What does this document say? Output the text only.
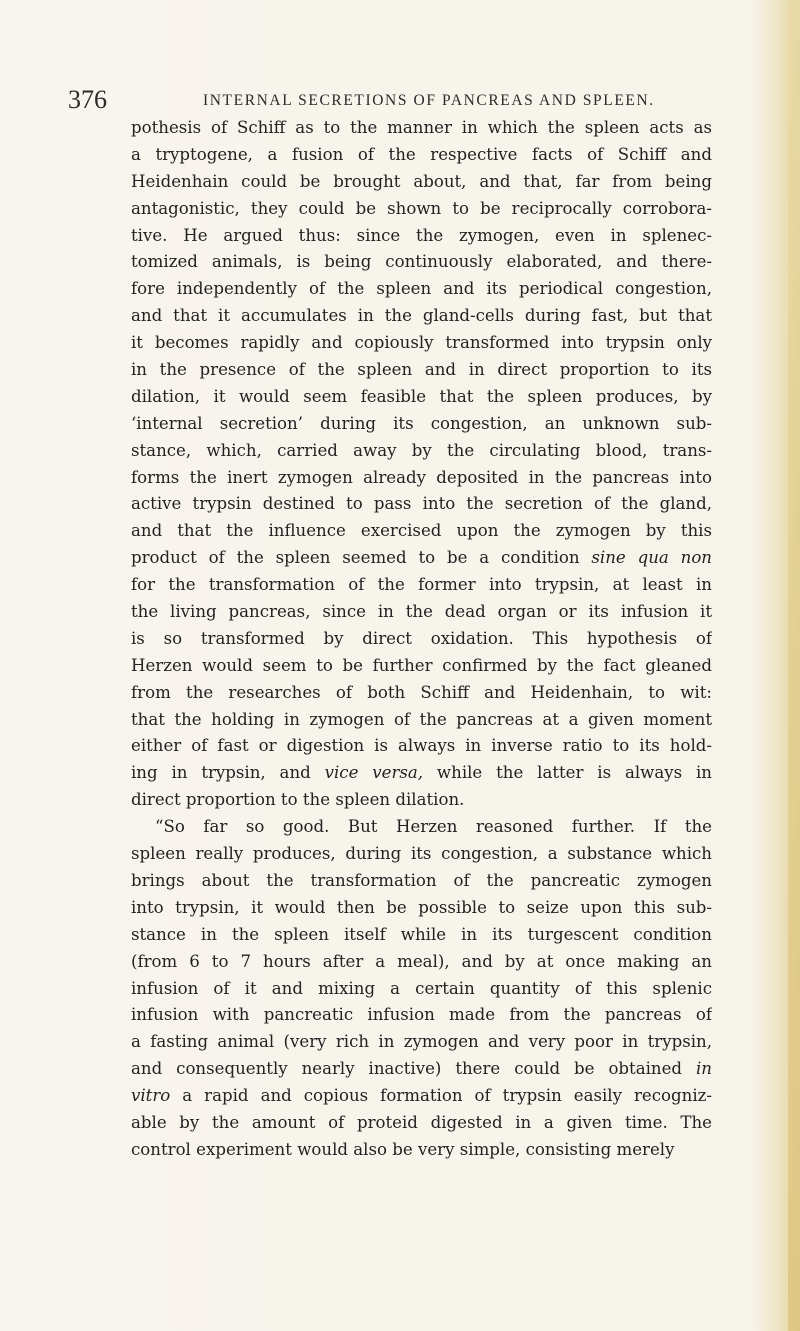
376	INTERNAL SECRETIONS OF PANCREAS AND SPLEEN.
pothesis of Schiff as to the manner in which the spleen acts as
a tryptogene, a fusion of the respective facts of Schiff and
Heidenhain could be brought about, and that, far from being
antagonistic, they could be shown to be reciprocally corrobora-
tive. He argued thus: since the zymogen, even in splenec-
tomized animals, is being continuously elaborated, and there-
fore independently of the spleen and its periodical congestion,
and that it accumulates in the gland-cells during fast, but that
it becomes rapidly and copiously transformed into trypsin only
in the presence of the spleen and in direct proportion to its
dilation, it would seem feasible that the spleen produces, by
‘internal secretion’ during its congestion, an unknown sub-
stance, which, carried away by the circulating blood, trans-
forms the inert zymogen already deposited in the pancreas into
active trypsin destined to pass into the secretion of the gland,
and that the influence exercised upon the zymogen by this
product of the spleen seemed to be a condition sine qua non
for the transformation of the former into trypsin, at least in
the living pancreas, since in the dead organ or its infusion it
is so transformed by direct oxidation. This hypothesis of
Herzen would seem to be further confirmed by the fact gleaned
from the researches of both Schiff and Heidenhain, to wit:
that the holding in zymogen of the pancreas at a given moment
either of fast or digestion is always in inverse ratio to its hold-
ing in trypsin, and vice versa, while the latter is always in
direct proportion to the spleen dilation.
“So far so good. But Herzen reasoned further. If the
spleen really produces, during its congestion, a substance which
brings about the transformation of the pancreatic zymogen
into trypsin, it would then be possible to seize upon this sub-
stance in the spleen itself while in its turgescent condition
(from 6 to 7 hours after a meal), and by at once making an
infusion of it and mixing a certain quantity of this splenic
infusion with pancreatic infusion made from the pancreas of
a fasting animal (very rich in zymogen and very poor in trypsin,
and consequently nearly inactive) there could be obtained in
vitro a rapid and copious formation of trypsin easily recogniz-
able by the amount of proteid digested in a given time. The
control experiment would also be very simple, consisting merely
